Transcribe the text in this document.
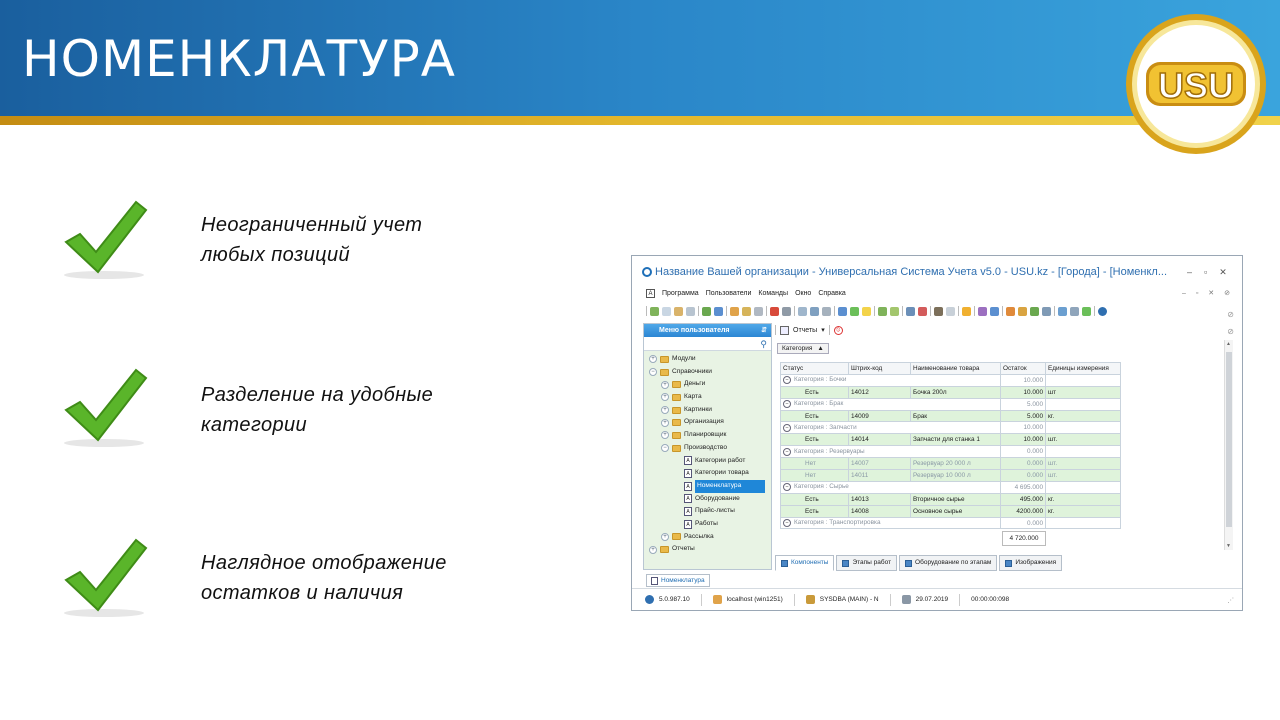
НОМЕНКЛАТУРА	USU
Неограниченный учет
любых позиций
Разделение на удобные
категории
Наглядное отображение
остатков и наличия
Название Вашей организации - Универсальная Система Учета v5.0 - USU.kz - [Города] - [Номенкл...	– ▫ ✕
A	Программа Пользователи Команды Окно Справка	– ▫ ✕ ⊘
⊘
⊘
Меню пользователя	⇵
⚲
+	Модули
−	Справочники
+	Деньги
+	Карта
+	Картинки
+	Организация
+	Планировщик
−	Производство
A Категории работ
A Категории товара
A	Номенклатура
A Оборудование
A Прайс-листы
A Работы
+	Рассылка
+	Отчеты
Отчеты ▾	⦸
Категория ▲
Статус	Штрих-код	Наименование товара	Остаток	Единицы измерения
− Категория : Бочки			10.000	
Есть	14012	Бочка 200л	10.000	шт
− Категория : Брак			5.000	
Есть	14009	Брак	5.000	кг.
− Категория : Запчасти			10.000	
Есть	14014	Запчасти для станка 1	10.000	шт.
− Категория : Резервуары			0.000	
Нет	14007	Резервуар 20 000 л	0.000	шт.
Нет	14011	Резервуар 10 000 л	0.000	шт.
− Категория : Сырье			4 695.000	
Есть	14013	Вторичное сырье	495.000	кг.
Есть	14008	Основное сырье	4200.000	кг.
− Категория : Транспортировка			0.000	
4 720.000
▲
▼
Компоненты	Этапы работ	Оборудование по этапам	Изображения
Номенклатура
5.0.987.10	localhost (win1251)	SYSDBA (MAIN) - N	29.07.2019	00:00:00:098	⋰
